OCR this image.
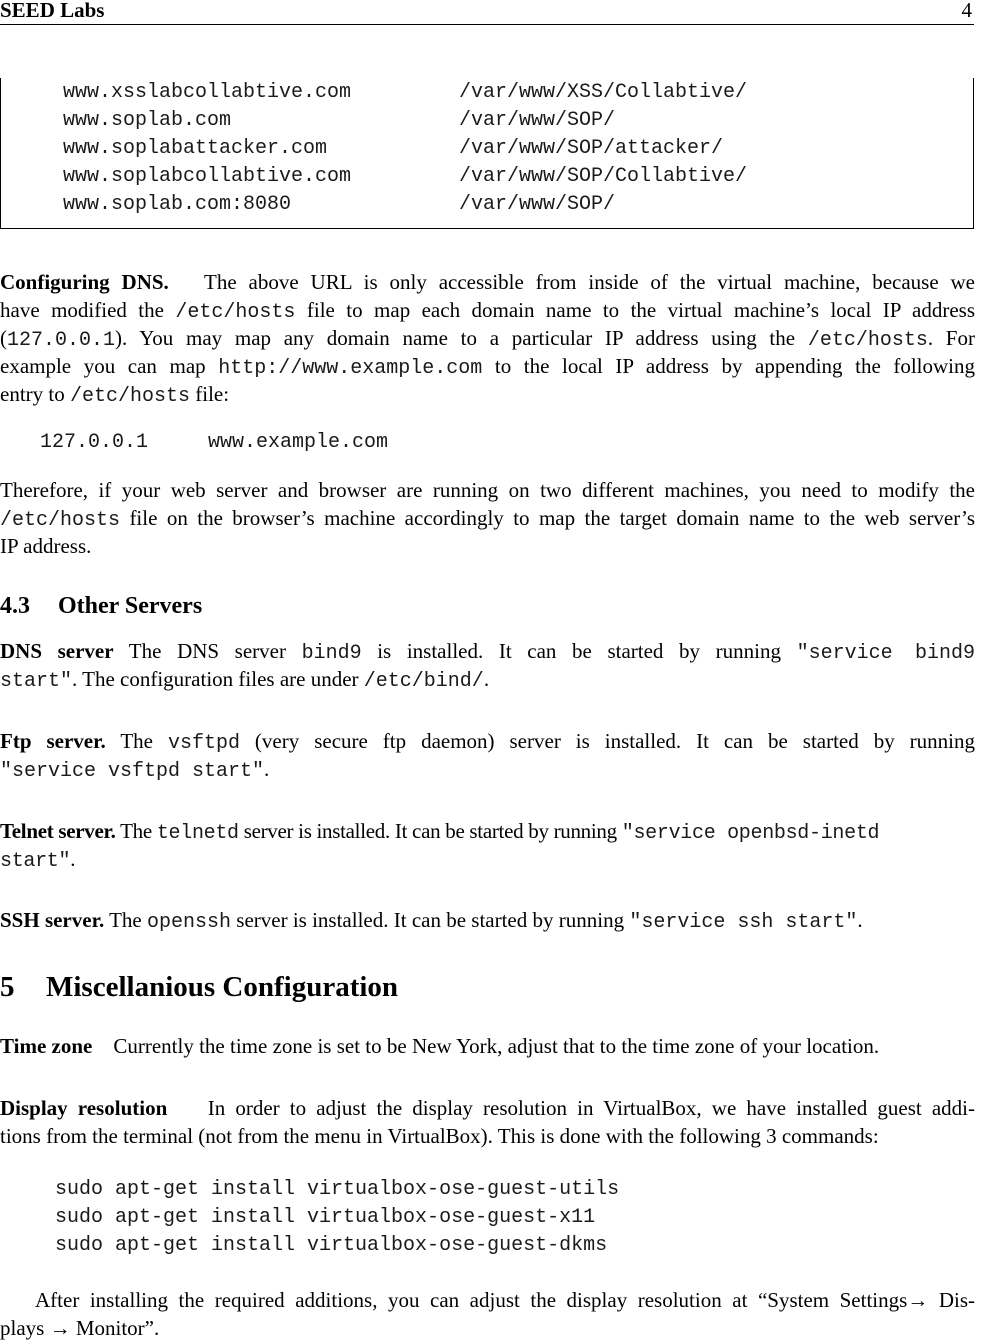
SEED Labs	4
www.xsslabcollabtive.com	/var/www/XSS/Collabtive/
www.soplab.com	/var/www/SOP/
www.soplabattacker.com	/var/www/SOP/attacker/
www.soplabcollabtive.com	/var/www/SOP/Collabtive/
www.soplab.com:8080	/var/www/SOP/
Configuring DNS. The above URL is only accessible from inside of the virtual machine, because we
have modified the /etc/hosts file to map each domain name to the virtual machine’s local IP address
(127.0.0.1). You may map any domain name to a particular IP address using the /etc/hosts. For
example you can map http://www.example.com to the local IP address by appending the following
entry to /etc/hosts file:
127.0.0.1     www.example.com
Therefore, if your web server and browser are running on two different machines, you need to modify the
/etc/hosts file on the browser’s machine accordingly to map the target domain name to the web server’s
IP address.
4.3 Other Servers
DNS server The DNS server bind9 is installed. It can be started by running "service bind9
start". The configuration files are under /etc/bind/.
Ftp server. The vsftpd (very secure ftp daemon) server is installed. It can be started by running
"service vsftpd start".
Telnet server. The telnetd server is installed. It can be started by running "service openbsd-inetd
start".
SSH server. The openssh server is installed. It can be started by running "service ssh start".
5 Miscellanious Configuration
Time zone Currently the time zone is set to be New York, adjust that to the time zone of your location.
Display resolution In order to adjust the display resolution in VirtualBox, we have installed guest addi-
tions from the terminal (not from the menu in VirtualBox). This is done with the following 3 commands:
sudo apt-get install virtualbox-ose-guest-utils
sudo apt-get install virtualbox-ose-guest-x11
sudo apt-get install virtualbox-ose-guest-dkms
After installing the required additions, you can adjust the display resolution at “System Settings→ Dis-
plays → Monitor”.
